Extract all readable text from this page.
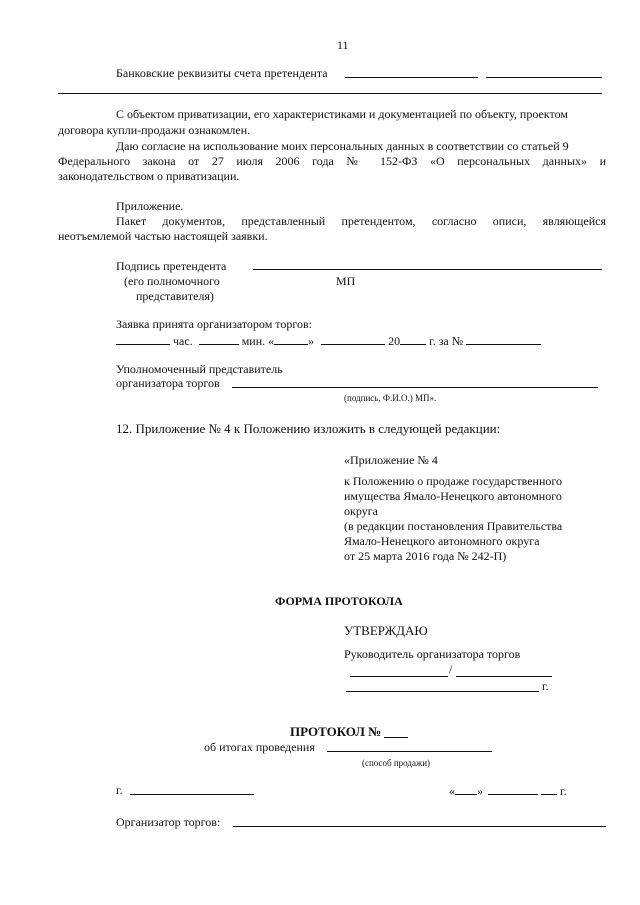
11
Банковские реквизиты счета претендента
С объектом приватизации, его характеристиками и документацией по объекту, проектом
договора купли-продажи ознакомлен.
Даю согласие на использование моих персональных данных в соответствии со статьей 9
Федерального закона от 27 июля 2006 года № 152-ФЗ «О персональных данных» и
законодательством о приватизации.
Приложение.
Пакет документов, представленный претендентом, согласно описи, являющейся
неотъемлемой частью настоящей заявки.
Подпись претендента
(его полномочного	МП
представителя)
Заявка принята организатором торгов:
час.	мин. «	»	20 г. за №
Уполномоченный представитель
организатора торгов
(подпись, Ф.И.О.) МП».
12. Приложение № 4 к Положению изложить в следующей редакции:
«Приложение № 4
к Положению о продаже государственного
имущества Ямало-Ненецкого автономного
округа
(в редакции постановления Правительства
Ямало-Ненецкого автономного округа
от 25 марта 2016 года № 242-П)
ФОРМА ПРОТОКОЛА
УТВЕРЖДАЮ
Руководитель организатора торгов
/
г.
ПРОТОКОЛ №
об итогах проведения
(способ продажи)
г.	« »	г.
Организатор торгов:
